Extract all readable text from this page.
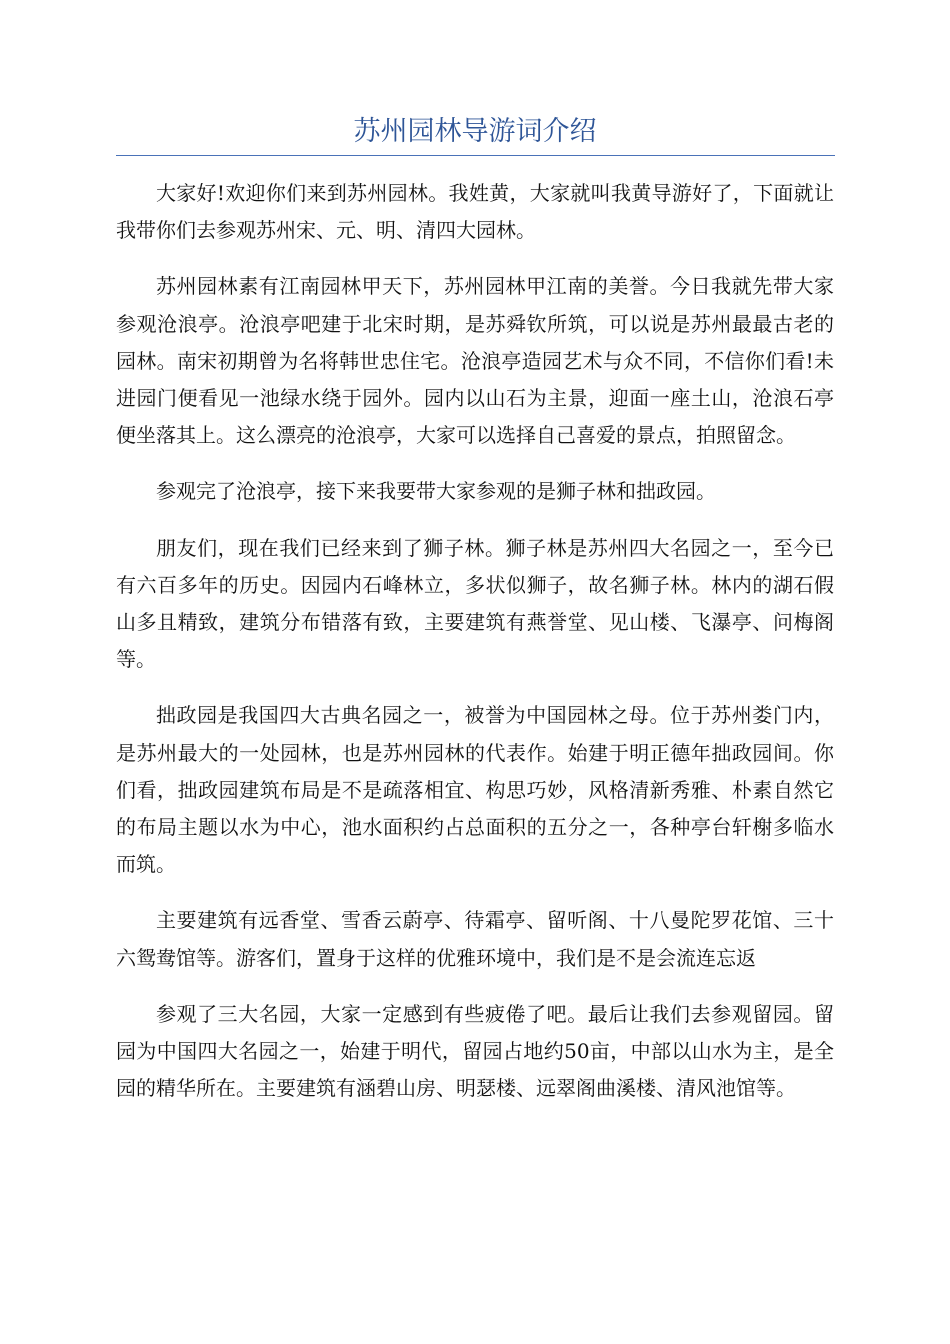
苏州园林导游词介绍

大家好!欢迎你们来到苏州园林。我姓黄，大家就叫我黄导游好了，下面就让我带你们去参观苏州宋、元、明、清四大园林。

苏州园林素有江南园林甲天下，苏州园林甲江南的美誉。今日我就先带大家参观沧浪亭。沧浪亭吧建于北宋时期，是苏舜钦所筑，可以说是苏州最最古老的园林。南宋初期曾为名将韩世忠住宅。沧浪亭造园艺术与众不同，不信你们看!未进园门便看见一池绿水绕于园外。园内以山石为主景，迎面一座土山，沧浪石亭便坐落其上。这么漂亮的沧浪亭，大家可以选择自己喜爱的景点，拍照留念。

参观完了沧浪亭，接下来我要带大家参观的是狮子林和拙政园。

朋友们，现在我们已经来到了狮子林。狮子林是苏州四大名园之一，至今已有六百多年的历史。因园内石峰林立，多状似狮子，故名狮子林。林内的湖石假山多且精致，建筑分布错落有致，主要建筑有燕誉堂、见山楼、飞瀑亭、问梅阁等。

拙政园是我国四大古典名园之一，被誉为中国园林之母。位于苏州娄门内，是苏州最大的一处园林，也是苏州园林的代表作。始建于明正德年拙政园间。你们看，拙政园建筑布局是不是疏落相宜、构思巧妙，风格清新秀雅、朴素自然它的布局主题以水为中心，池水面积约占总面积的五分之一，各种亭台轩榭多临水而筑。

主要建筑有远香堂、雪香云蔚亭、待霜亭、留听阁、十八曼陀罗花馆、三十六鸳鸯馆等。游客们，置身于这样的优雅环境中，我们是不是会流连忘返

参观了三大名园，大家一定感到有些疲倦了吧。最后让我们去参观留园。留园为中国四大名园之一，始建于明代，留园占地约50亩，中部以山水为主，是全园的精华所在。主要建筑有涵碧山房、明瑟楼、远翠阁曲溪楼、清风池馆等。
